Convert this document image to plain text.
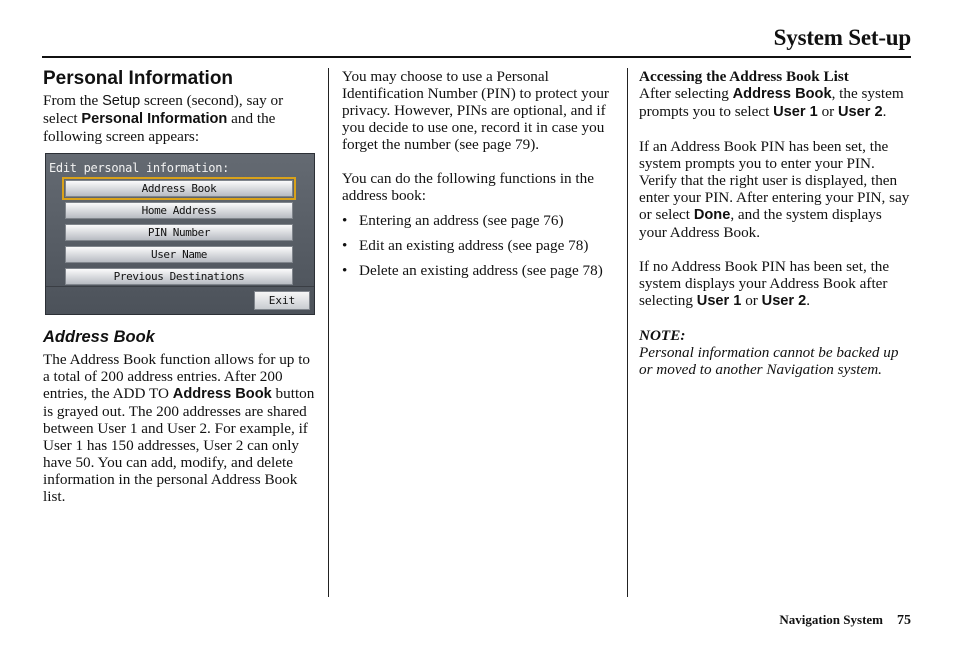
System Set-up
Personal Information

From the Setup screen (second), say or select Personal Information and the following screen appears:

Edit personal information:
Address Book
Home Address
PIN Number
User Name
Previous Destinations
Exit
Address Book

The Address Book function allows for up to a total of 200 address entries. After 200 entries, the ADD TO Address Book button is grayed out. The 200 addresses are shared between User 1 and User 2. For example, if User 1 has 150 addresses, User 2 can only have 50. You can add, modify, and delete information in the personal Address Book list.

You may choose to use a Personal Identification Number (PIN) to protect your privacy. However, PINs are optional, and if you decide to use one, record it in case you forget the number (see page 79).

You can do the following functions in the address book:

• Entering an address (see page 76)
• Edit an existing address (see page 78)
• Delete an existing address (see page 78)
Accessing the Address Book List

After selecting Address Book, the system prompts you to select User 1 or User 2.

If an Address Book PIN has been set, the system prompts you to enter your PIN. Verify that the right user is displayed, then enter your PIN. After entering your PIN, say or select Done, and the system displays your Address Book.

If no Address Book PIN has been set, the system displays your Address Book after selecting User 1 or User 2.

NOTE:

Personal information cannot be backed up or moved to another Navigation system.

Navigation System 75
